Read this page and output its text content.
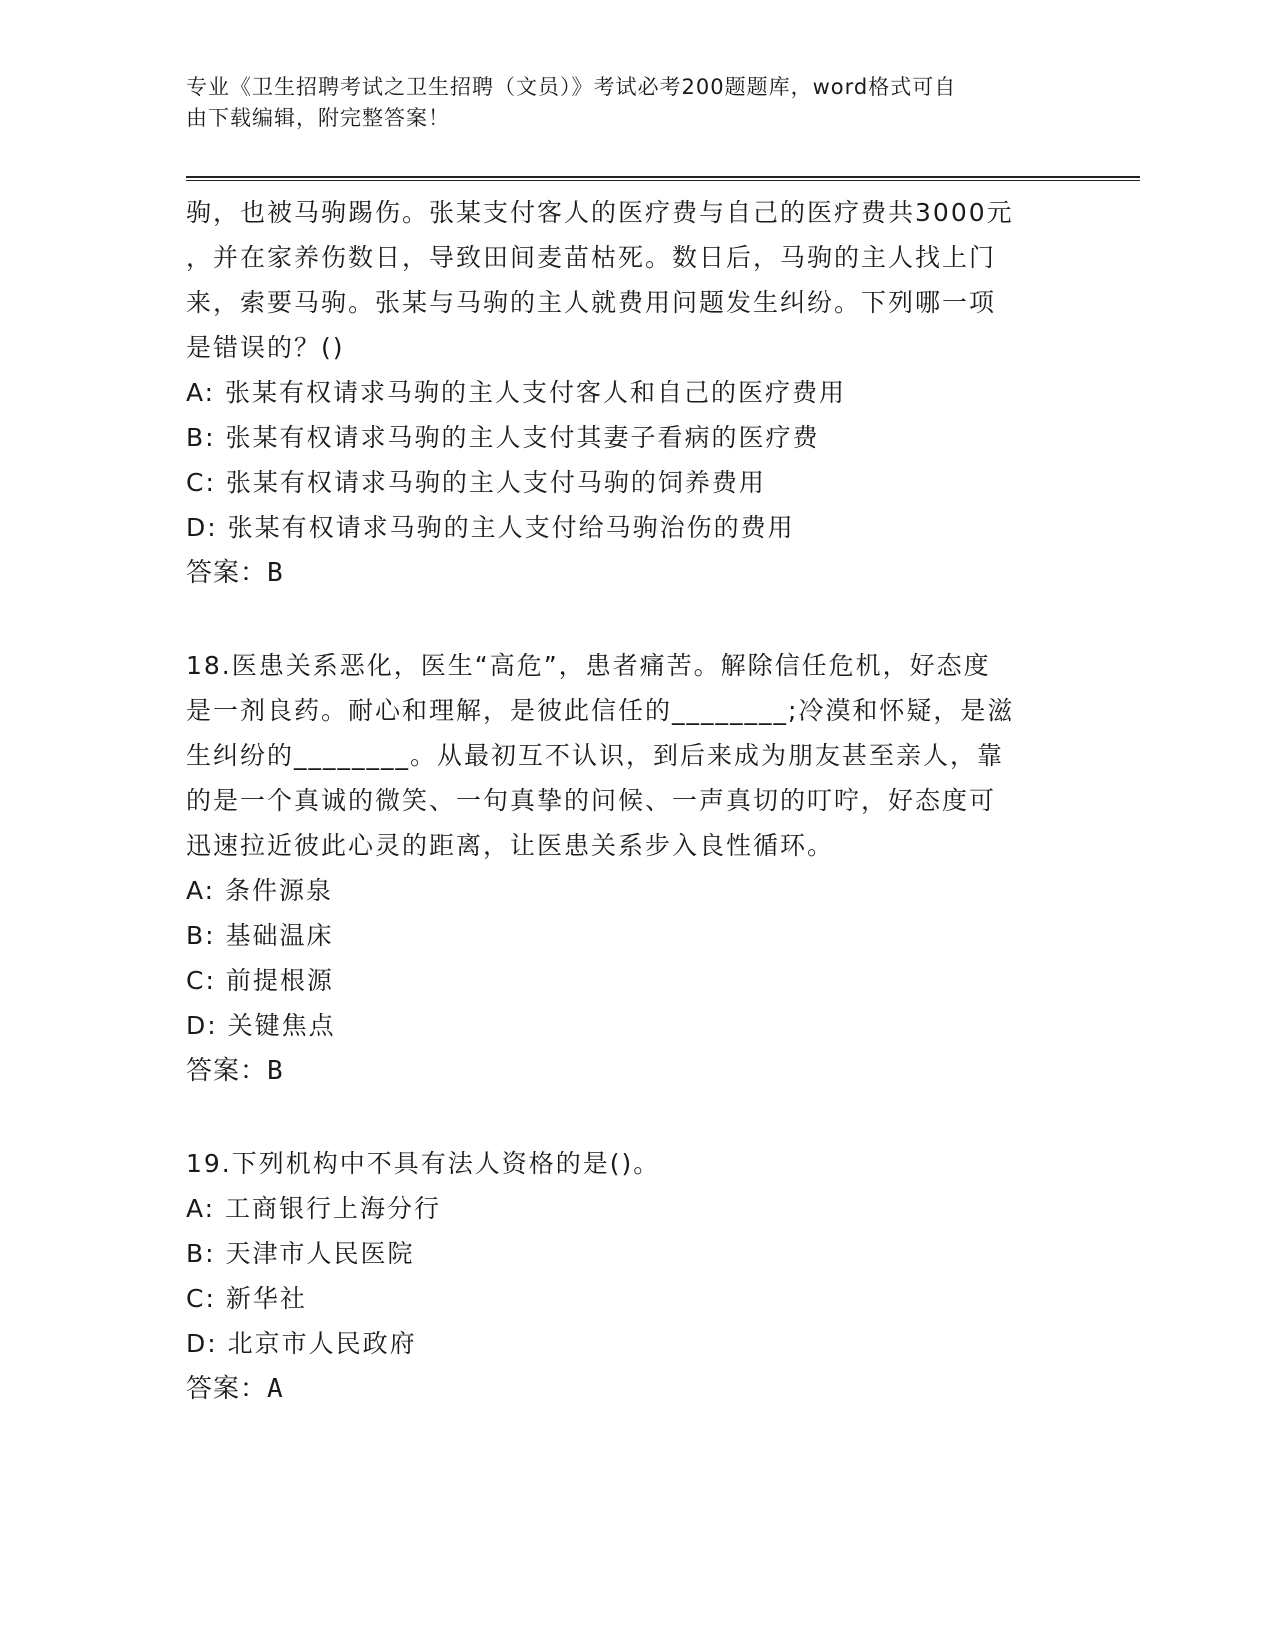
专业《卫生招聘考试之卫生招聘（文员）》考试必考200题题库，word格式可自
由下载编辑，附完整答案！
驹，也被马驹踢伤。张某支付客人的医疗费与自己的医疗费共3000元
，并在家养伤数日，导致田间麦苗枯死。数日后，马驹的主人找上门
来，索要马驹。张某与马驹的主人就费用问题发生纠纷。下列哪一项
是错误的？()
A: 张某有权请求马驹的主人支付客人和自己的医疗费用
B: 张某有权请求马驹的主人支付其妻子看病的医疗费
C: 张某有权请求马驹的主人支付马驹的饲养费用
D: 张某有权请求马驹的主人支付给马驹治伤的费用
答案：B
18.医患关系恶化，医生“高危”，患者痛苦。解除信任危机，好态度
是一剂良药。耐心和理解，是彼此信任的________;冷漠和怀疑，是滋
生纠纷的________。从最初互不认识，到后来成为朋友甚至亲人，靠
的是一个真诚的微笑、一句真挚的问候、一声真切的叮咛，好态度可
迅速拉近彼此心灵的距离，让医患关系步入良性循环。
A: 条件源泉
B: 基础温床
C: 前提根源
D: 关键焦点
答案：B
19.下列机构中不具有法人资格的是()。
A: 工商银行上海分行
B: 天津市人民医院
C: 新华社
D: 北京市人民政府
答案：A
